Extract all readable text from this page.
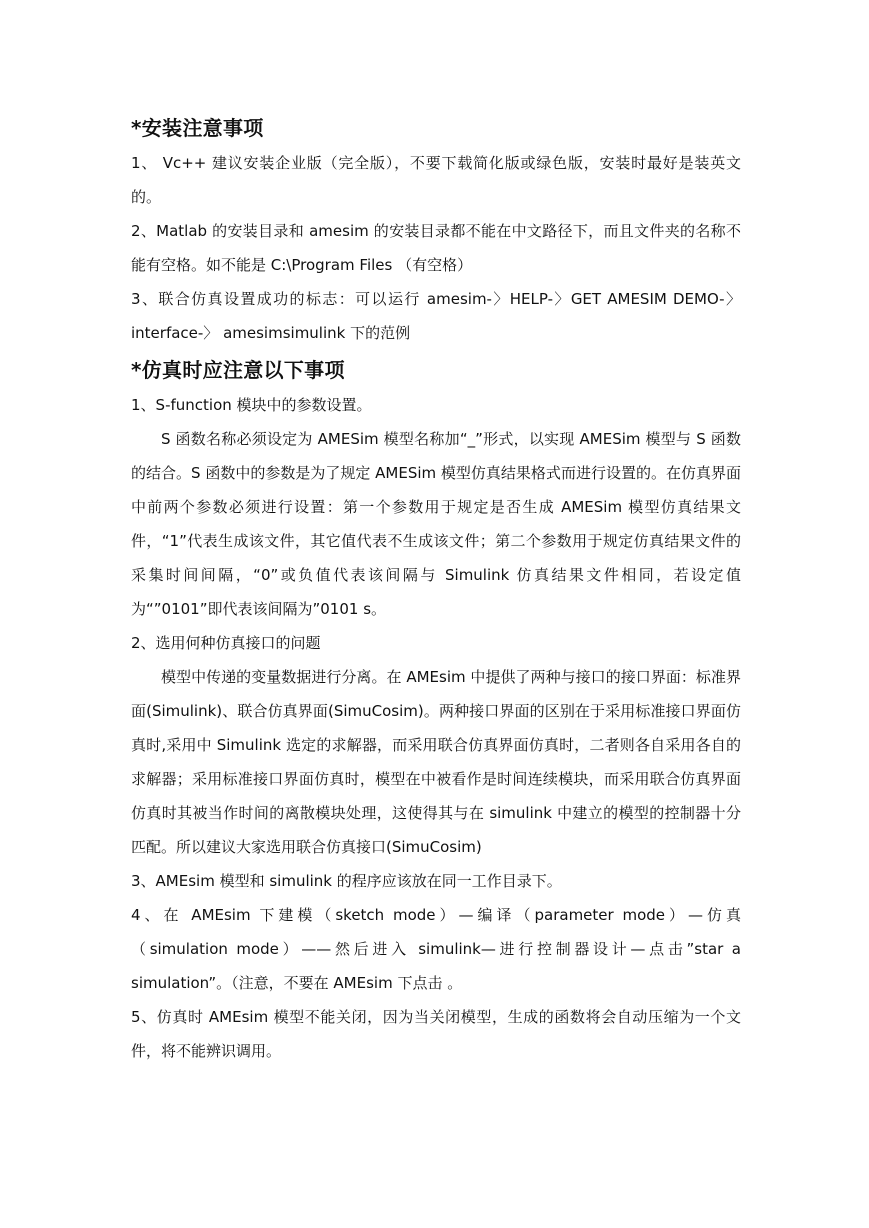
*安装注意事项

1、 Vc++ 建议安装企业版（完全版），不要下载简化版或绿色版，安装时最好是装英文的。

2、Matlab 的安装目录和 amesim 的安装目录都不能在中文路径下，而且文件夹的名称不能有空格。如不能是 C:\Program Files （有空格）

3、联合仿真设置成功的标志：可以运行 amesim-〉HELP-〉GET AMESIM DEMO-〉interface-〉 amesimsimulink 下的范例

*仿真时应注意以下事项

1、S-function 模块中的参数设置。

S 函数名称必须设定为 AMESim 模型名称加“_”形式，以实现 AMESim 模型与 S 函数的结合。S 函数中的参数是为了规定 AMESim 模型仿真结果格式而进行设置的。在仿真界面中前两个参数必须进行设置：第一个参数用于规定是否生成 AMESim 模型仿真结果文件，“1”代表生成该文件，其它值代表不生成该文件；第二个参数用于规定仿真结果文件的采集时间间隔，“0”或负值代表该间隔与 Simulink 仿真结果文件相同，若设定值为“”0101”即代表该间隔为”0101 s。

2、选用何种仿真接口的问题

模型中传递的变量数据进行分离。在 AMEsim 中提供了两种与接口的接口界面：标准界面(Simulink)、联合仿真界面(SimuCosim)。两种接口界面的区别在于采用标准接口界面仿真时,采用中 Simulink 选定的求解器，而采用联合仿真界面仿真时，二者则各自采用各自的求解器；采用标准接口界面仿真时，模型在中被看作是时间连续模块，而采用联合仿真界面仿真时其被当作时间的离散模块处理，这使得其与在 simulink 中建立的模型的控制器十分匹配。所以建议大家选用联合仿真接口(SimuCosim)

3、AMEsim 模型和 simulink 的程序应该放在同一工作目录下。

4、在 AMEsim 下建模（sketch mode）—编译（parameter mode）—仿真（simulation mode）——然后进入 simulink—进行控制器设计—点击”star a simulation”。（注意，不要在 AMEsim 下点击 。

5、仿真时 AMEsim 模型不能关闭，因为当关闭模型，生成的函数将会自动压缩为一个文件，将不能辨识调用。
